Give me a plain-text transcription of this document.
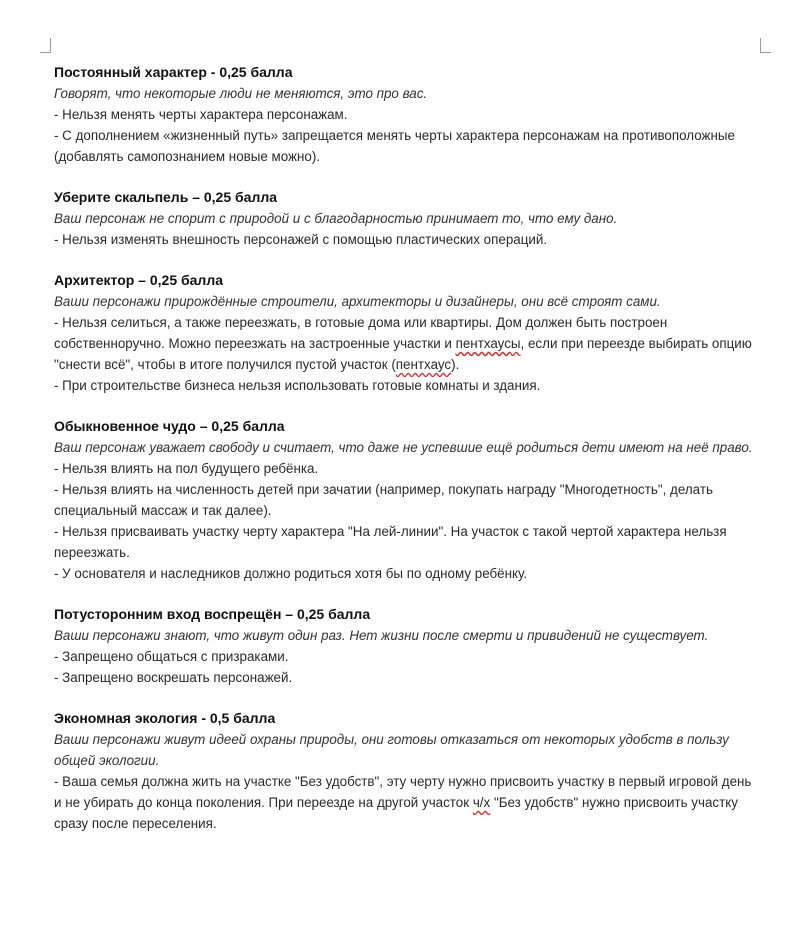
Постоянный характер - 0,25 балла
Говорят, что некоторые люди не меняются, это про вас.
- Нельзя менять черты характера персонажам.
- С дополнением «жизненный путь» запрещается менять черты характера персонажам на противоположные (добавлять самопознанием новые можно).
Уберите скальпель – 0,25 балла
Ваш персонаж не спорит с природой и с благодарностью принимает то, что ему дано.
- Нельзя изменять внешность персонажей с помощью пластических операций.
Архитектор – 0,25 балла
Ваши персонажи прирождённые строители, архитекторы и дизайнеры, они всё строят сами.
- Нельзя селиться, а также переезжать, в готовые дома или квартиры. Дом должен быть построен собственноручно. Можно переезжать на застроенные участки и пентхаусы, если при переезде выбирать опцию "снести всё", чтобы в итоге получился пустой участок (пентхаус).
- При строительстве бизнеса нельзя использовать готовые комнаты и здания.
Обыкновенное чудо – 0,25 балла
Ваш персонаж уважает свободу и считает, что даже не успевшие ещё родиться дети имеют на неё право.
- Нельзя влиять на пол будущего ребёнка.
- Нельзя влиять на численность детей при зачатии (например, покупать награду "Многодетность", делать специальный массаж и так далее).
- Нельзя присваивать участку черту характера "На лей-линии". На участок с такой чертой характера нельзя переезжать.
- У основателя и наследников должно родиться хотя бы по одному ребёнку.
Потусторонним вход воспрещён – 0,25 балла
Ваши персонажи знают, что живут один раз. Нет жизни после смерти и привидений не существует.
- Запрещено общаться с призраками.
- Запрещено воскрешать персонажей.
Экономная экология - 0,5 балла
Ваши персонажи живут идеей охраны природы, они готовы отказаться от некоторых удобств в пользу общей экологии.
- Ваша семья должна жить на участке "Без удобств", эту черту нужно присвоить участку в первый игровой день и не убирать до конца поколения. При переезде на другой участок ч/х "Без удобств" нужно присвоить участку сразу после переселения.
